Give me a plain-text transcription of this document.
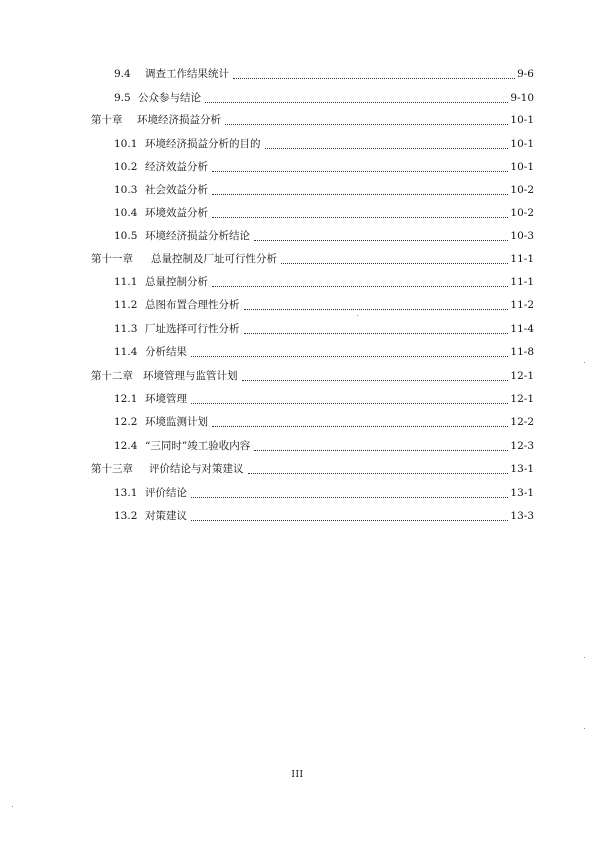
9.4	调查工作结果统计	9-6
9.5 公众参与结论	9-10
第十章	环境经济损益分析	10-1
10.1 环境经济损益分析的目的	10-1
10.2 经济效益分析	10-1
10.3 社会效益分析	10-2
10.4 环境效益分析	10-2
10.5 环境经济损益分析结论	10-3
第十一章	总量控制及厂址可行性分析	11-1
11.1 总量控制分析	11-1
11.2 总图布置合理性分析	11-2
11.3 厂址选择可行性分析	11-4
11.4 分析结果	11-8
第十二章 环境管理与监管计划	12-1
12.1 环境管理	12-1
12.2 环境监测计划	12-2
12.4 “三同时”竣工验收内容	12-3
第十三章	评价结论与对策建议	13-1
13.1 评价结论	13-1
13.2 对策建议	13-3
III
